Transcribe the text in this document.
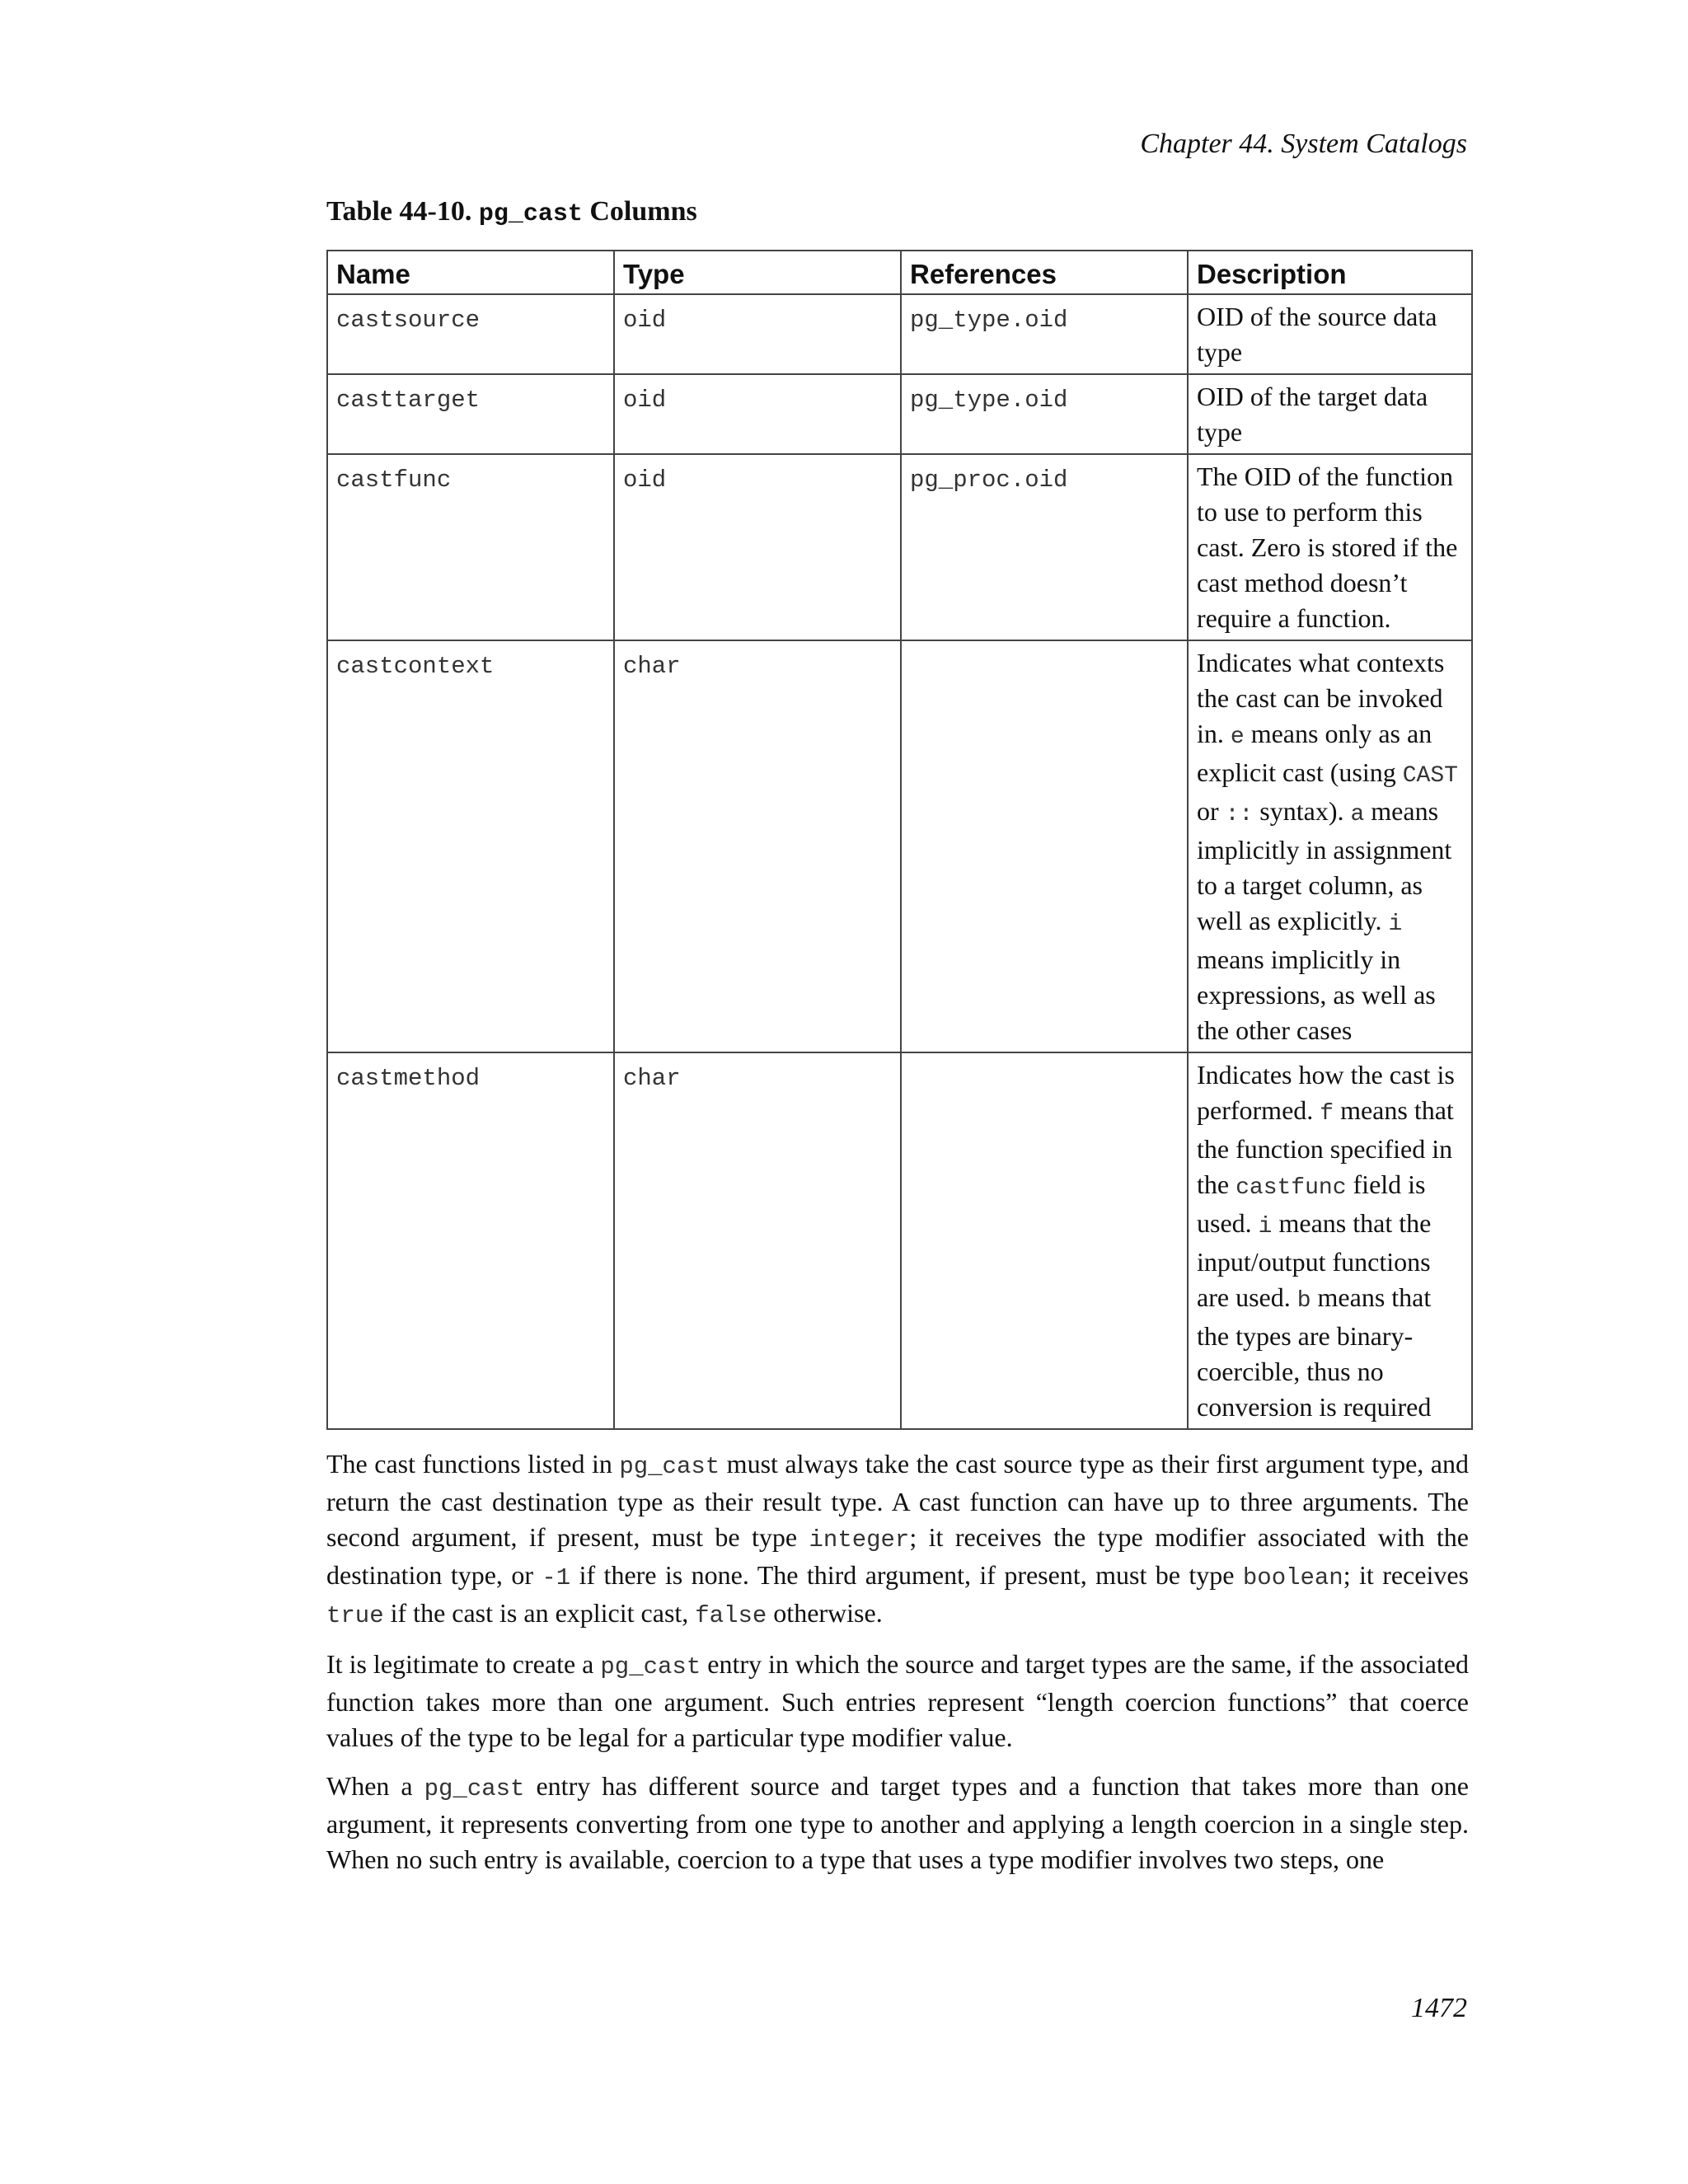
Chapter 44. System Catalogs
Table 44-10. pg_cast Columns
Name	Type	References	Description
castsource	oid	pg_type.oid	OID of the source data type
casttarget	oid	pg_type.oid	OID of the target data type
castfunc	oid	pg_proc.oid	The OID of the function to use to perform this cast. Zero is stored if the cast method doesn’t require a function.
castcontext	char		Indicates what contexts the cast can be invoked in. e means only as an explicit cast (using CAST or :: syntax). a means implicitly in assignment to a target column, as well as explicitly. i means implicitly in expressions, as well as the other cases
castmethod	char		Indicates how the cast is performed. f means that the function specified in the castfunc field is used. i means that the input/output functions are used. b means that the types are binary-coercible, thus no conversion is required

The cast functions listed in pg_cast must always take the cast source type as their first argument type, and return the cast destination type as their result type. A cast function can have up to three arguments. The second argument, if present, must be type integer; it receives the type modifier associated with the destination type, or -1 if there is none. The third argument, if present, must be type boolean; it receives true if the cast is an explicit cast, false otherwise.

It is legitimate to create a pg_cast entry in which the source and target types are the same, if the associated function takes more than one argument. Such entries represent “length coercion functions” that coerce values of the type to be legal for a particular type modifier value.

When a pg_cast entry has different source and target types and a function that takes more than one argument, it represents converting from one type to another and applying a length coercion in a single step. When no such entry is available, coercion to a type that uses a type modifier involves two steps, one

1472
